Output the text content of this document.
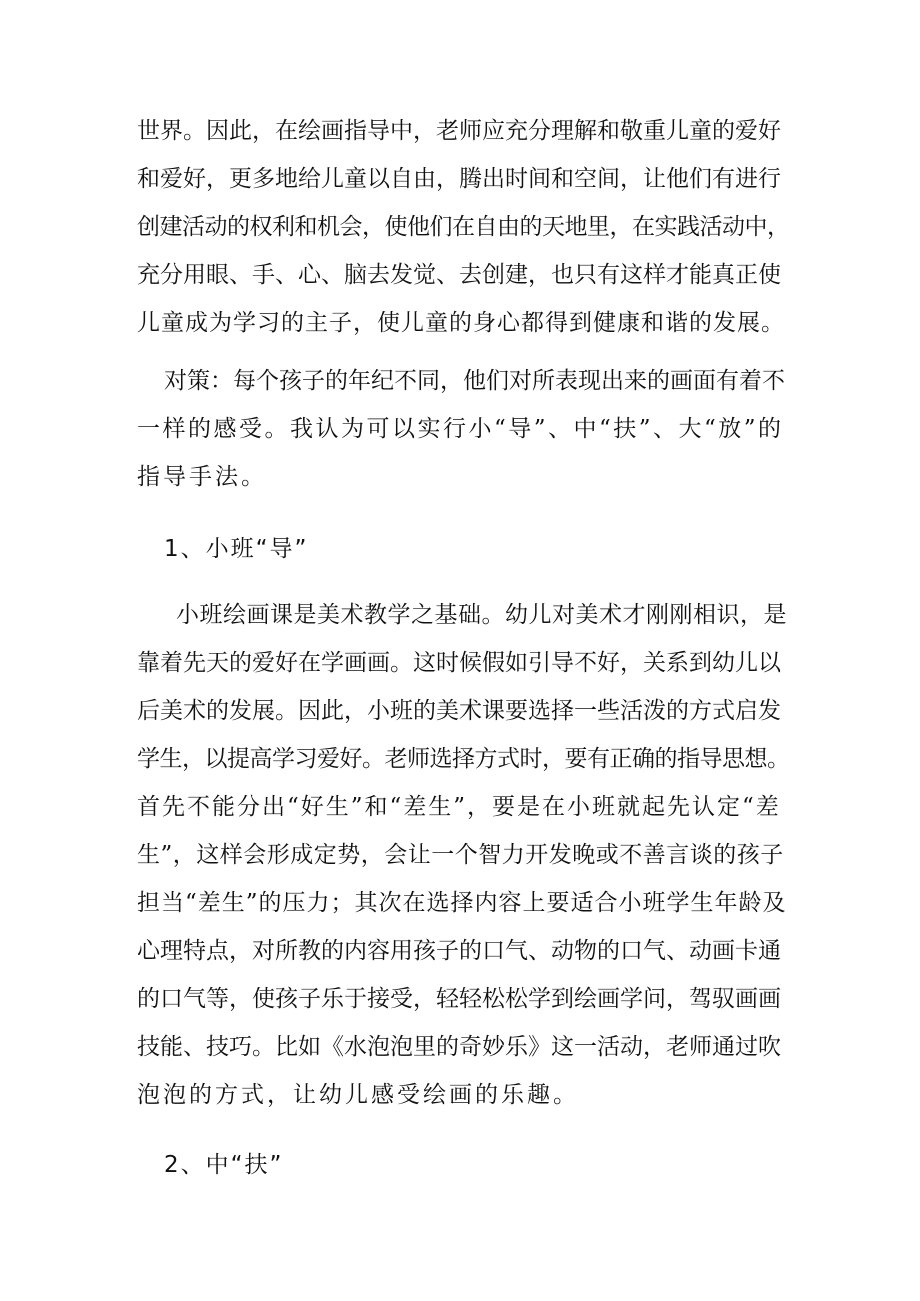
世界。因此，在绘画指导中，老师应充分理解和敬重儿童的爱好
和爱好，更多地给儿童以自由，腾出时间和空间，让他们有进行
创建活动的权利和机会，使他们在自由的天地里，在实践活动中，
充分用眼、手、心、脑去发觉、去创建，也只有这样才能真正使
儿童成为学习的主子，使儿童的身心都得到健康和谐的发展。
对策：每个孩子的年纪不同，他们对所表现出来的画面有着不
一样的感受。我认为可以实行小“导”、中“扶”、大“放”的
指导手法。
1、小班“导”
小班绘画课是美术教学之基础。幼儿对美术才刚刚相识，是
靠着先天的爱好在学画画。这时候假如引导不好，关系到幼儿以
后美术的发展。因此，小班的美术课要选择一些活泼的方式启发
学生，以提高学习爱好。老师选择方式时，要有正确的指导思想。
首先不能分出“好生”和“差生”，要是在小班就起先认定“差
生”，这样会形成定势，会让一个智力开发晚或不善言谈的孩子
担当“差生”的压力；其次在选择内容上要适合小班学生年龄及
心理特点，对所教的内容用孩子的口气、动物的口气、动画卡通
的口气等，使孩子乐于接受，轻轻松松学到绘画学问，驾驭画画
技能、技巧。比如《水泡泡里的奇妙乐》这一活动，老师通过吹
泡泡的方式，让幼儿感受绘画的乐趣。
2、中“扶”
